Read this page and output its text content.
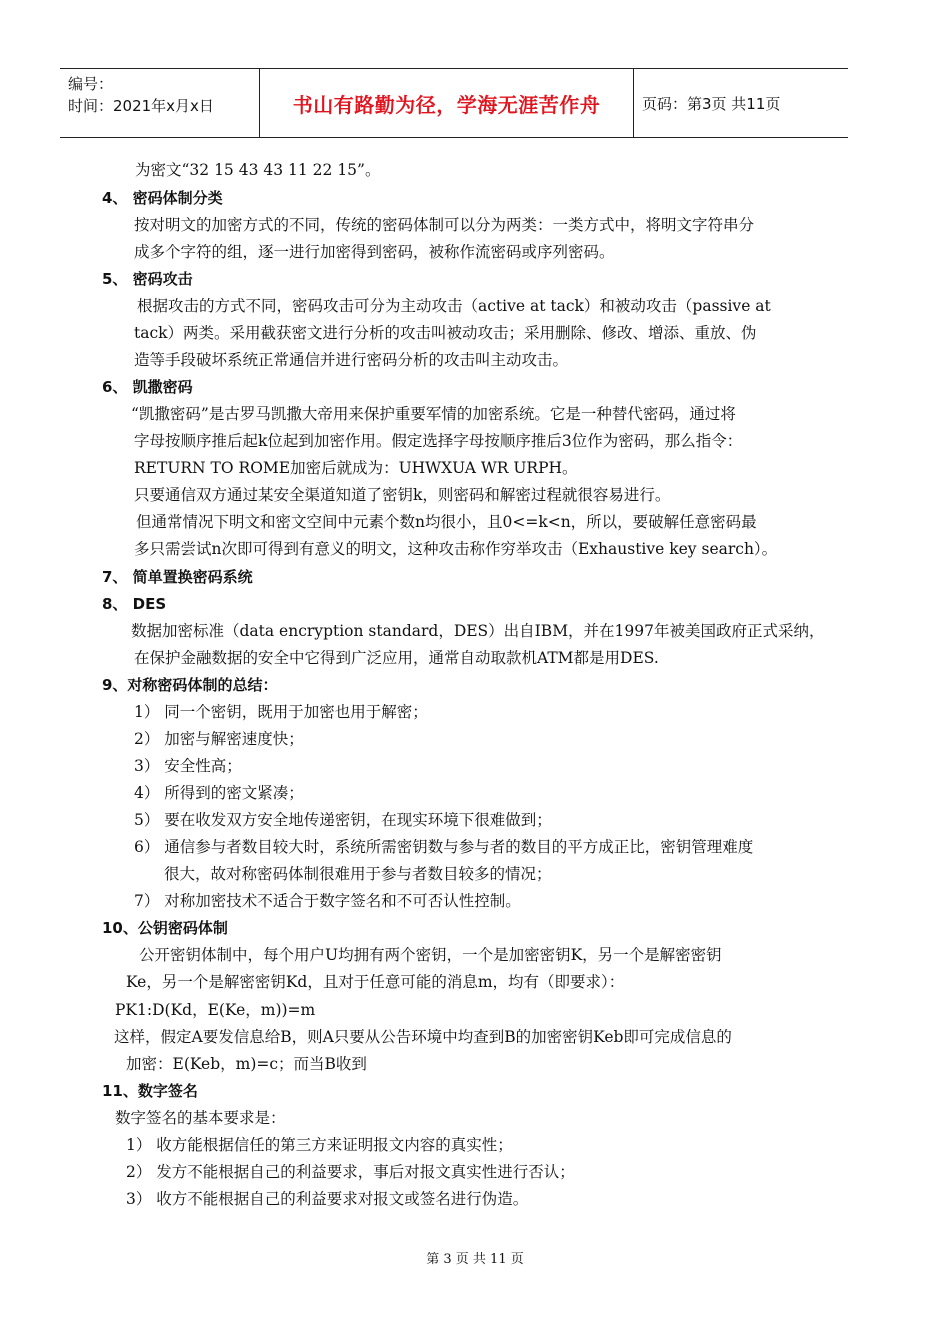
编号：
时间：2021年x月x日	书山有路勤为径，学海无涯苦作舟	页码：第3页 共11页
为密文“32 15 43 43 11 22 15”。
4、 密码体制分类
按对明文的加密方式的不同，传统的密码体制可以分为两类：一类方式中，将明文字符串分
成多个字符的组，逐一进行加密得到密码，被称作流密码或序列密码。
5、 密码攻击
根据攻击的方式不同，密码攻击可分为主动攻击（active at tack）和被动攻击（passive at
tack）两类。采用截获密文进行分析的攻击叫被动攻击；采用删除、修改、增添、重放、伪
造等手段破坏系统正常通信并进行密码分析的攻击叫主动攻击。
6、 凯撒密码
“凯撒密码”是古罗马凯撒大帝用来保护重要军情的加密系统。它是一种替代密码，通过将
字母按顺序推后起k位起到加密作用。假定选择字母按顺序推后3位作为密码，那么指令：
RETURN TO ROME加密后就成为：UHWXUA WR URPH。
只要通信双方通过某安全渠道知道了密钥k，则密码和解密过程就很容易进行。
但通常情况下明文和密文空间中元素个数n均很小，且0<=k<n，所以，要破解任意密码最
多只需尝试n次即可得到有意义的明文，这种攻击称作穷举攻击（Exhaustive key search）。
7、 简单置换密码系统
8、 DES
数据加密标准（data encryption standard，DES）出自IBM，并在1997年被美国政府正式采纳，
在保护金融数据的安全中它得到广泛应用，通常自动取款机ATM都是用DES.
9、对称密码体制的总结：
1） 同一个密钥，既用于加密也用于解密；
2） 加密与解密速度快；
3） 安全性高；
4） 所得到的密文紧凑；
5） 要在收发双方安全地传递密钥，在现实环境下很难做到；
6） 通信参与者数目较大时，系统所需密钥数与参与者的数目的平方成正比，密钥管理难度
很大，故对称密码体制很难用于参与者数目较多的情况；
7） 对称加密技术不适合于数字签名和不可否认性控制。
10、公钥密码体制
公开密钥体制中，每个用户U均拥有两个密钥，一个是加密密钥K，另一个是解密密钥
Ke，另一个是解密密钥Kd，且对于任意可能的消息m，均有（即要求）：
PK1:D(Kd，E(Ke，m))=m
这样，假定A要发信息给B，则A只要从公告环境中均查到B的加密密钥Keb即可完成信息的
加密：E(Keb，m)=c；而当B收到
11、数字签名
数字签名的基本要求是：
1） 收方能根据信任的第三方来证明报文内容的真实性；
2） 发方不能根据自己的利益要求，事后对报文真实性进行否认；
3） 收方不能根据自己的利益要求对报文或签名进行伪造。
第 3 页 共 11 页
